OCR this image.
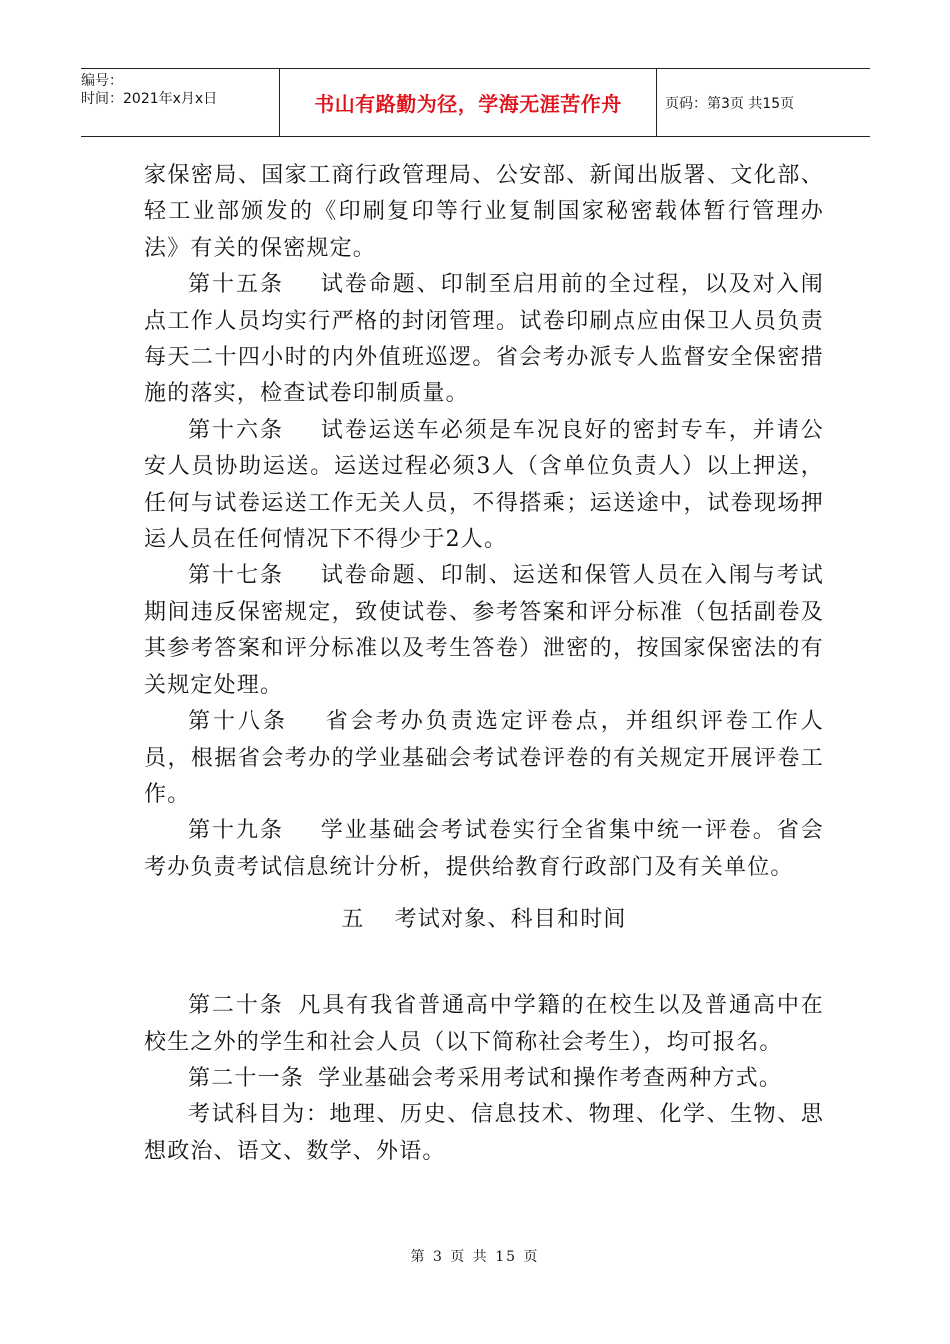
编号：
时间：2021年x月x日	书山有路勤为径，学海无涯苦作舟	页码：第3页 共15页

家保密局、国家工商行政管理局、公安部、新闻出版署、文化部、轻工业部颁发的《印刷复印等行业复制国家秘密载体暂行管理办法》有关的保密规定。

第十五条 试卷命题、印制至启用前的全过程，以及对入闱点工作人员均实行严格的封闭管理。试卷印刷点应由保卫人员负责每天二十四小时的内外值班巡逻。省会考办派专人监督安全保密措施的落实，检查试卷印制质量。

第十六条 试卷运送车必须是车况良好的密封专车，并请公安人员协助运送。运送过程必须3人（含单位负责人）以上押送，任何与试卷运送工作无关人员，不得搭乘；运送途中，试卷现场押运人员在任何情况下不得少于2人。

第十七条 试卷命题、印制、运送和保管人员在入闱与考试期间违反保密规定，致使试卷、参考答案和评分标准（包括副卷及其参考答案和评分标准以及考生答卷）泄密的，按国家保密法的有关规定处理。

第十八条 省会考办负责选定评卷点，并组织评卷工作人员，根据省会考办的学业基础会考试卷评卷的有关规定开展评卷工作。

第十九条 学业基础会考试卷实行全省集中统一评卷。省会考办负责考试信息统计分析，提供给教育行政部门及有关单位。

五 考试对象、科目和时间

第二十条 凡具有我省普通高中学籍的在校生以及普通高中在校生之外的学生和社会人员（以下简称社会考生），均可报名。

第二十一条 学业基础会考采用考试和操作考查两种方式。

考试科目为：地理、历史、信息技术、物理、化学、生物、思想政治、语文、数学、外语。

第 3 页 共 15 页
